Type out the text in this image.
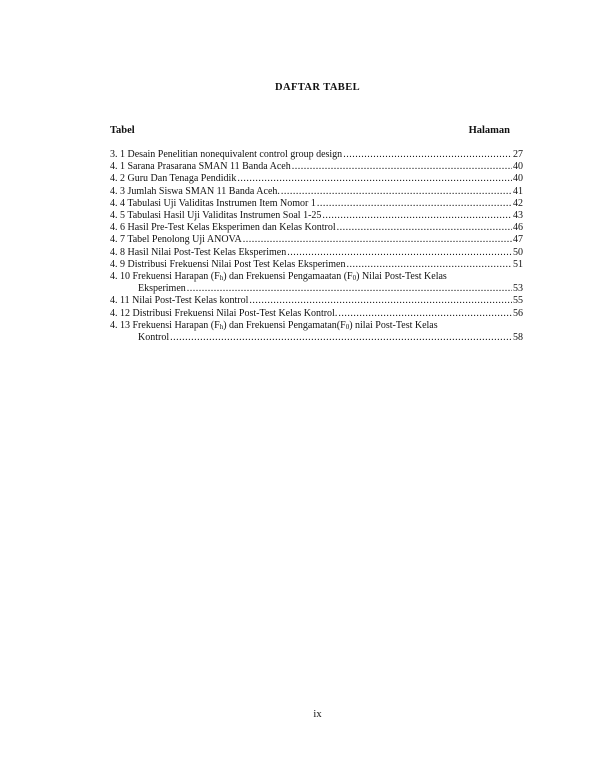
DAFTAR TABEL
Tabel	Halaman
3. 1 Desain Penelitian nonequivalent control group design .....	27
4. 1 Sarana Prasarana SMAN 11 Banda Aceh .....	40
4. 2 Guru Dan Tenaga Pendidik .....	40
4. 3 Jumlah Siswa SMAN 11 Banda Aceh. .....	41
4. 4 Tabulasi Uji Validitas Instrumen Item Nomor 1 .....	42
4. 5 Tabulasi Hasil Uji Validitas Instrumen Soal 1-25 .....	43
4. 6 Hasil Pre-Test Kelas Eksperimen dan Kelas Kontrol .....	46
4. 7 Tabel Penolong Uji ANOVA .....	47
4. 8 Hasil Nilai Post-Test Kelas Eksperimen .....	50
4. 9 Distribusi Frekuensi Nilai Post Test Kelas Eksperimen .....	51
4. 10 Frekuensi Harapan $(F_h)$ dan Frekuensi Pengamaatan $(F_0)$ Nilai Post-Test Kelas
Eksperimen .....	53
4. 11 Nilai Post-Test Kelas kontrol .....	55
4. 12 Distribusi Frekuensi Nilai Post-Test Kelas Kontrol. .....	56
4. 13 Frekuensi Harapan $(F_h)$ dan Frekuensi $Pengamatan(F_0)$ nilai Post-Test Kelas
Kontrol .....	58
ix
